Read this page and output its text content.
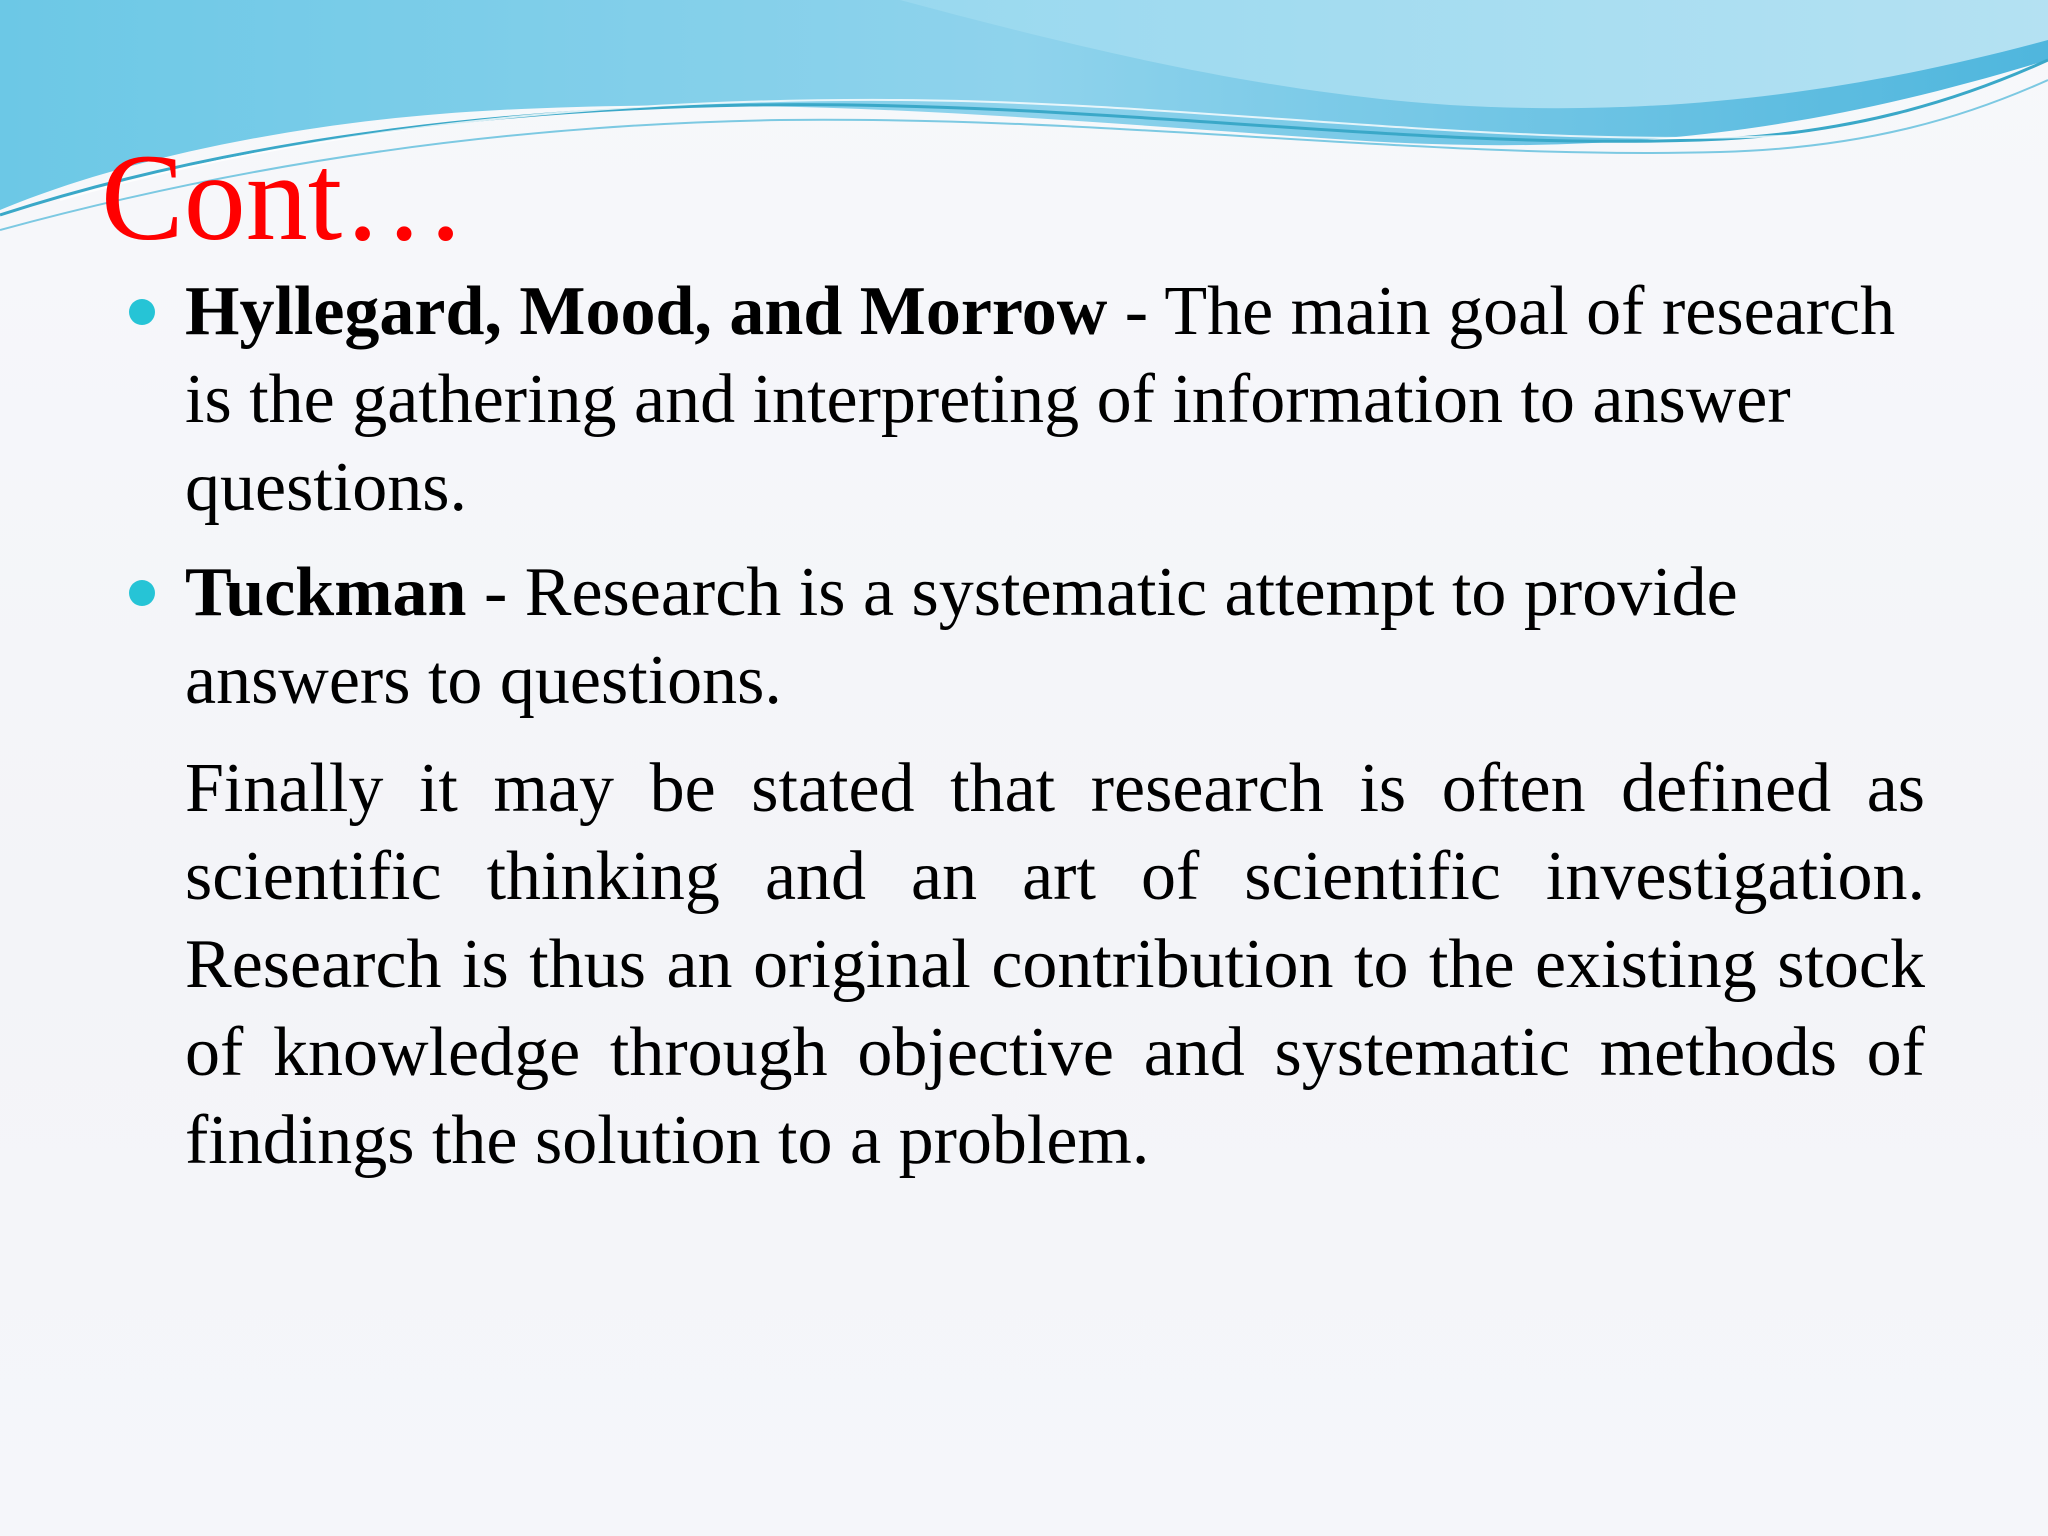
Cont…
Hyllegard, Mood, and Morrow - The main goal of research is the gathering and interpreting of information to answer questions.
Tuckman - Research is a systematic attempt to provide answers to questions.

Finally it may be stated that research is often defined as scientific thinking and an art of scientific investigation. Research is thus an original contribution to the existing stock of knowledge through objective and systematic methods of findings the solution to a problem.
